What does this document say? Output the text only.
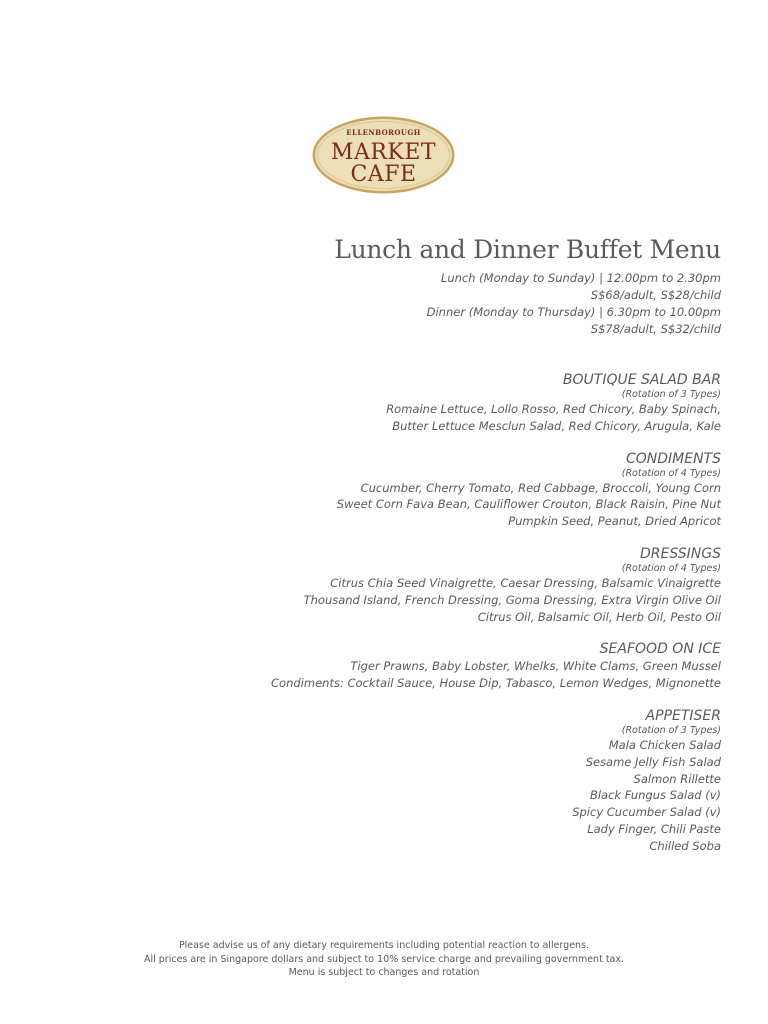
ELLENBOROUGH
MARKET
CAFE
Lunch and Dinner Buffet Menu
Lunch (Monday to Sunday) | 12.00pm to 2.30pm
S$68/adult, S$28/child
Dinner (Monday to Thursday) | 6.30pm to 10.00pm
S$78/adult, S$32/child
BOUTIQUE SALAD BAR
(Rotation of 3 Types)
Romaine Lettuce, Lollo Rosso, Red Chicory, Baby Spinach,
Butter Lettuce Mesclun Salad, Red Chicory, Arugula, Kale
CONDIMENTS
(Rotation of 4 Types)
Cucumber, Cherry Tomato, Red Cabbage, Broccoli, Young Corn
Sweet Corn Fava Bean, Cauliflower Crouton, Black Raisin, Pine Nut
Pumpkin Seed, Peanut, Dried Apricot
DRESSINGS
(Rotation of 4 Types)
Citrus Chia Seed Vinaigrette, Caesar Dressing, Balsamic Vinaigrette
Thousand Island, French Dressing, Goma Dressing, Extra Virgin Olive Oil
Citrus Oil, Balsamic Oil, Herb Oil, Pesto Oil
SEAFOOD ON ICE
Tiger Prawns, Baby Lobster, Whelks, White Clams, Green Mussel
Condiments: Cocktail Sauce, House Dip, Tabasco, Lemon Wedges, Mignonette
APPETISER
(Rotation of 3 Types)
Mala Chicken Salad
Sesame Jelly Fish Salad
Salmon Rillette
Black Fungus Salad (v)
Spicy Cucumber Salad (v)
Lady Finger, Chili Paste
Chilled Soba
Please advise us of any dietary requirements including potential reaction to allergens.
All prices are in Singapore dollars and subject to 10% service charge and prevailing government tax.
Menu is subject to changes and rotation
